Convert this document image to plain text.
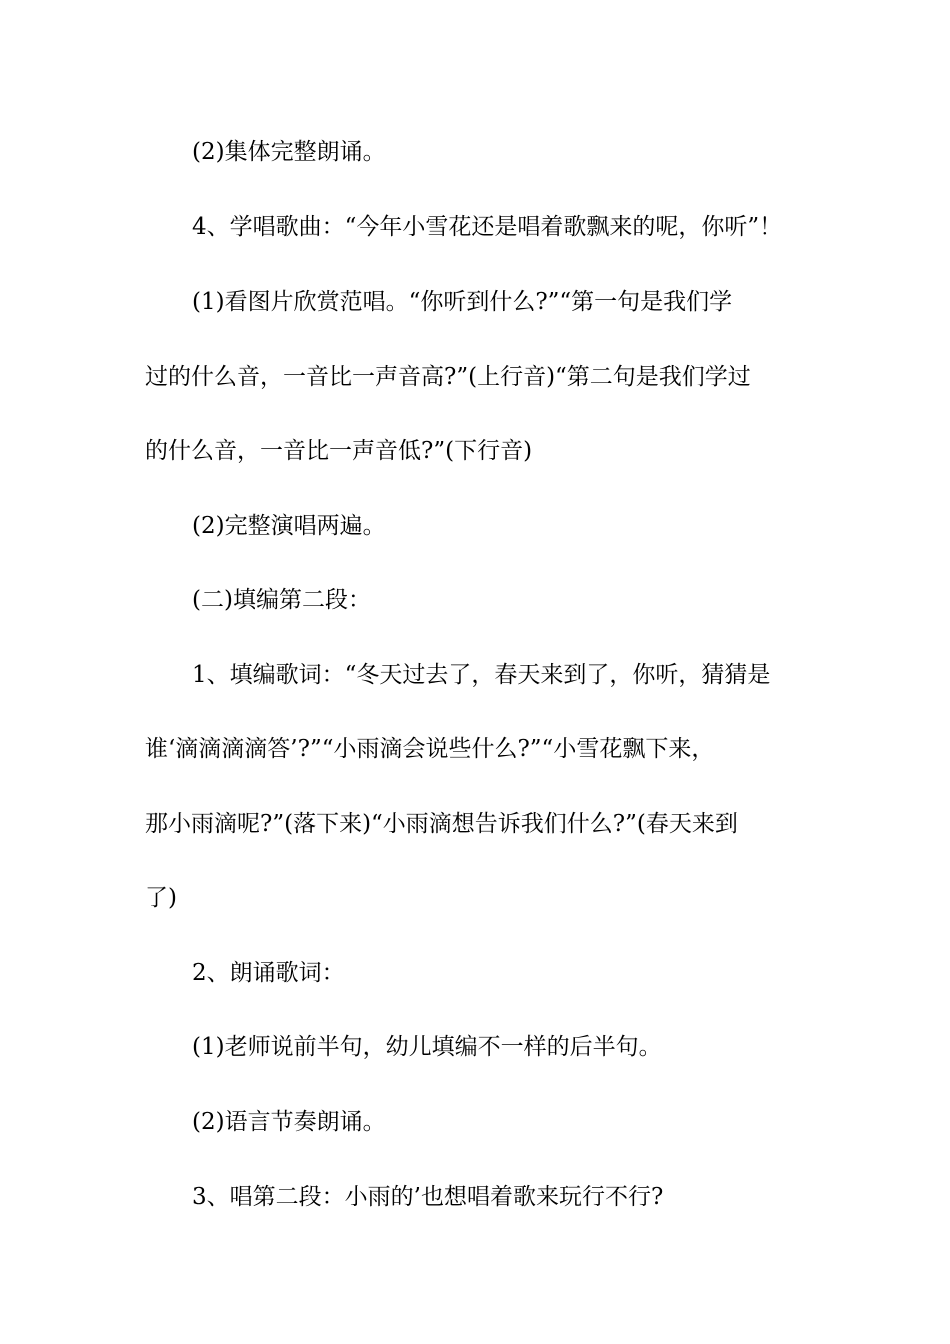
(2)集体完整朗诵。
4、学唱歌曲：“今年小雪花还是唱着歌飘来的呢，你听”！
(1)看图片欣赏范唱。“你听到什么?”“第一句是我们学
过的什么音，一音比一声音高?”(上行音)“第二句是我们学过
的什么音，一音比一声音低?”(下行音)
(2)完整演唱两遍。
(二)填编第二段：
1、填编歌词：“冬天过去了，春天来到了，你听，猜猜是
谁‘滴滴滴滴答’?”“小雨滴会说些什么?”“小雪花飘下来，
那小雨滴呢?”(落下来)“小雨滴想告诉我们什么?”(春天来到
了)
2、朗诵歌词：
(1)老师说前半句，幼儿填编不一样的后半句。
(2)语言节奏朗诵。
3、唱第二段：小雨的’也想唱着歌来玩行不行?
